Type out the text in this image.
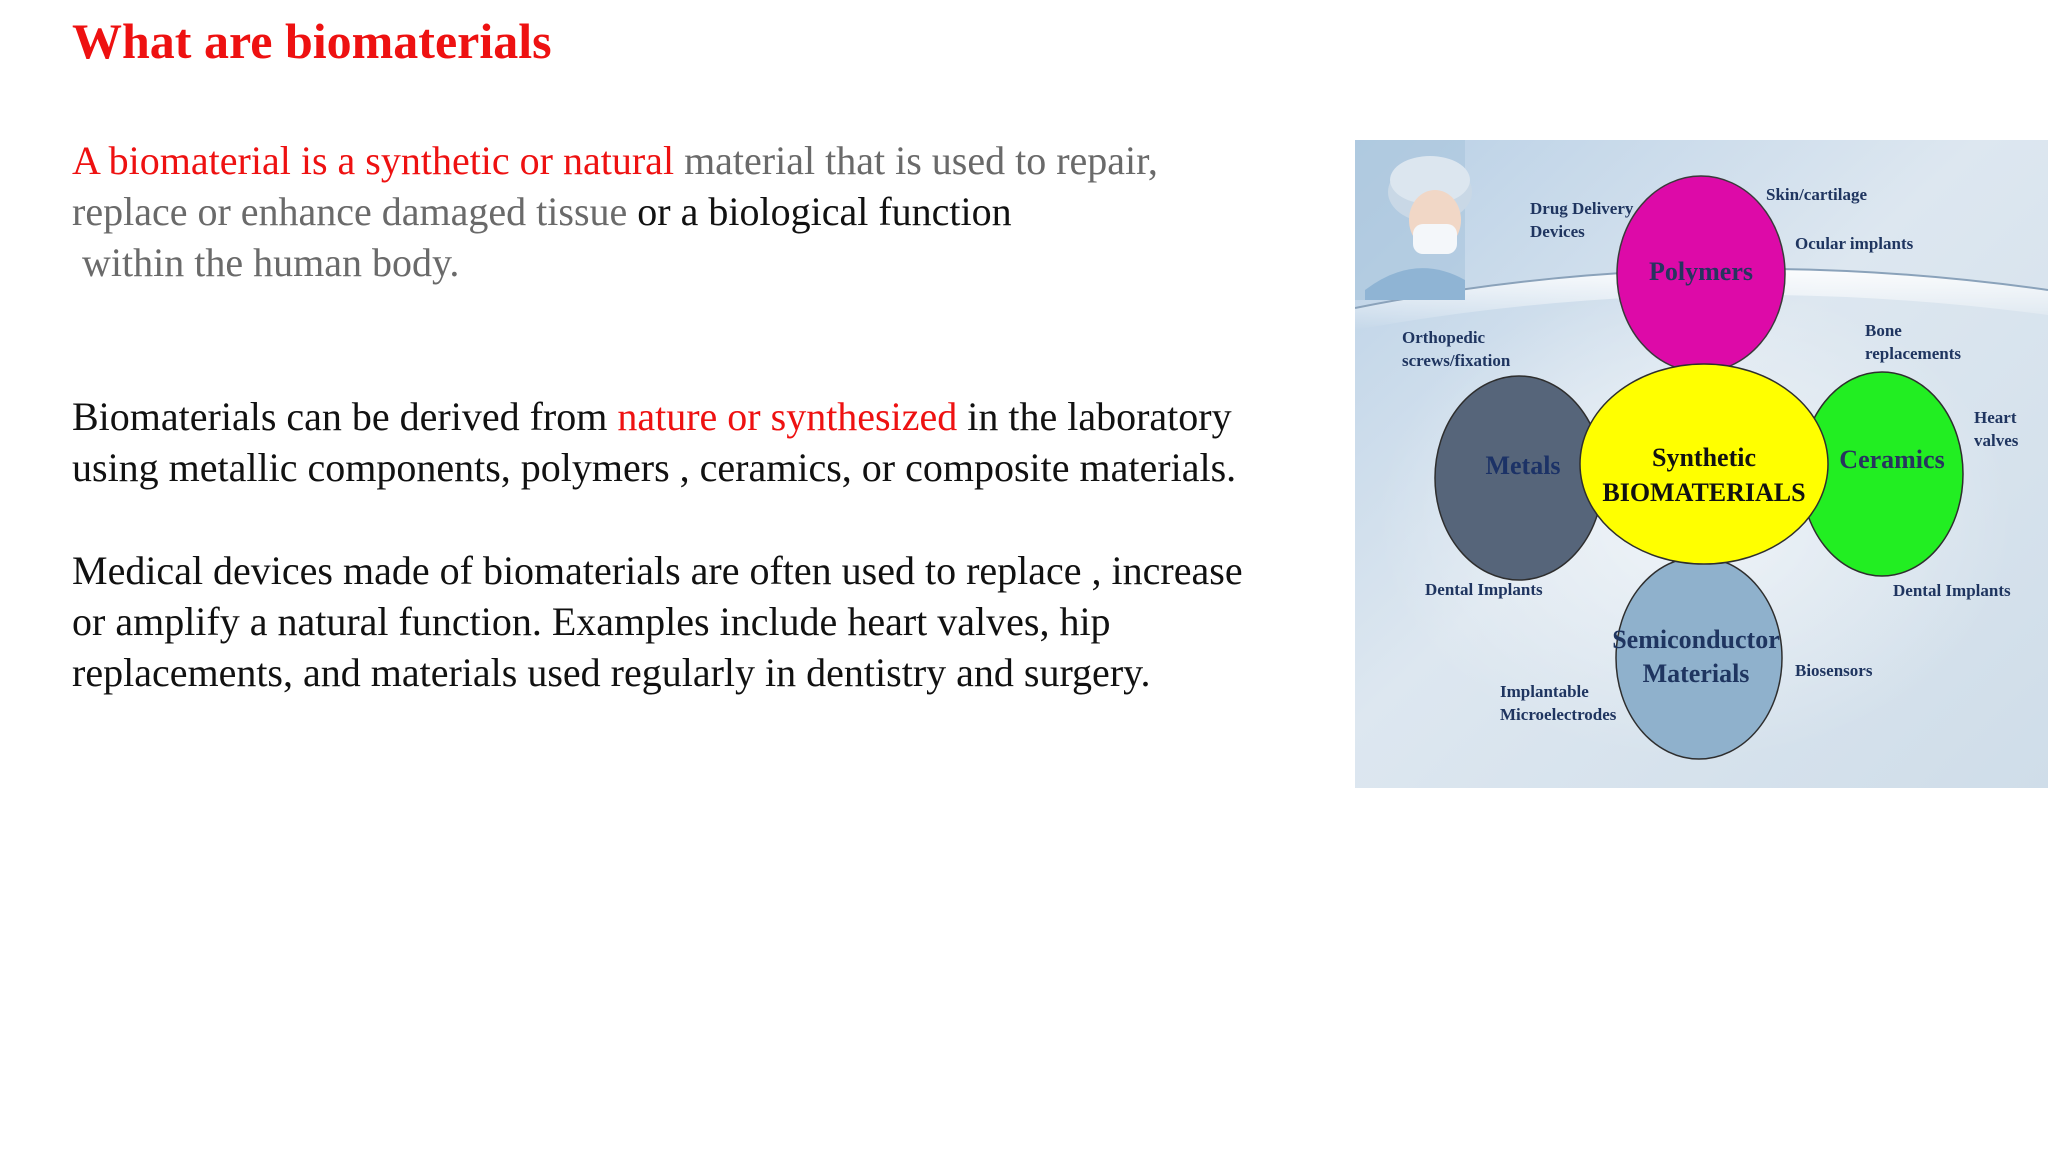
What are biomaterials

A biomaterial is a synthetic or natural material that is used to repair,
replace or enhance damaged tissue or a biological function
within the human body.

Biomaterials can be derived from nature or synthesized in the laboratory
using metallic components, polymers , ceramics, or composite materials.

Medical devices made of biomaterials are often used to replace , increase
or amplify a natural function. Examples include heart valves, hip
replacements, and materials used regularly in dentistry and surgery.

Polymers
Metals	Ceramics
Semiconductor
Materials
Synthetic
BIOMATERIALS
Drug Delivery
Devices
Skin/cartilage
Ocular implants
Orthopedic
screws/fixation
Bone
replacements
Heart
valves
Dental Implants	Dental Implants
Biosensors
Implantable
Microelectrodes
